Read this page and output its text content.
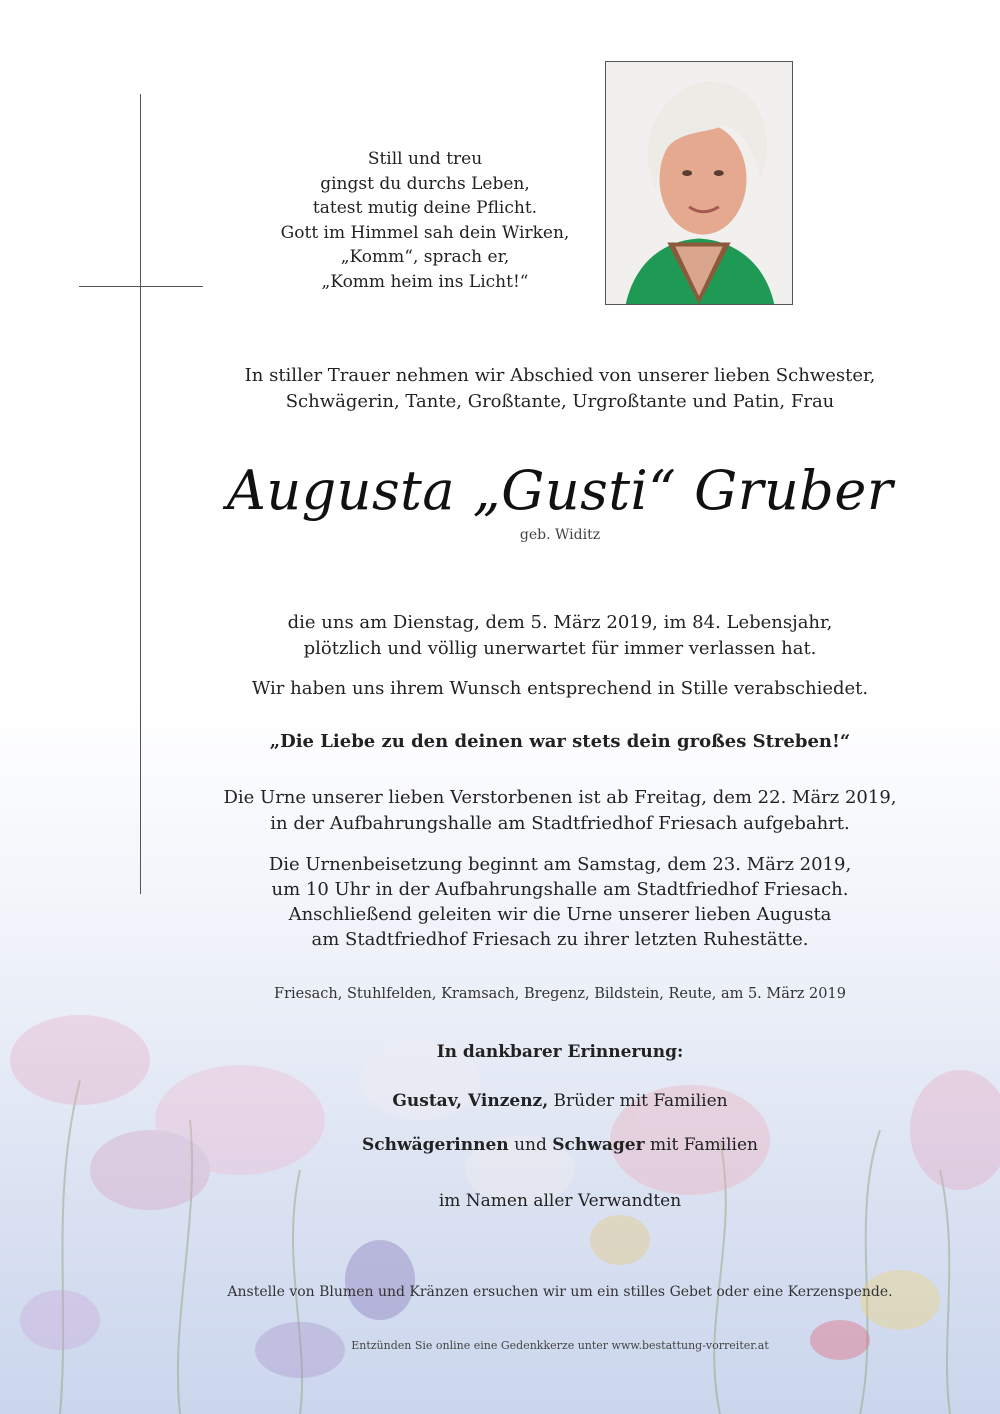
Still und treu
gingst du durchs Leben,
tatest mutig deine Pflicht.
Gott im Himmel sah dein Wirken,
„Komm“, sprach er,
„Komm heim ins Licht!“
In stiller Trauer nehmen wir Abschied von unserer lieben Schwester,
Schwägerin, Tante, Großtante, Urgroßtante und Patin, Frau
Augusta „Gusti“ Gruber
geb. Widitz
die uns am Dienstag, dem 5. März 2019, im 84. Lebensjahr,
plötzlich und völlig unerwartet für immer verlassen hat.
Wir haben uns ihrem Wunsch entsprechend in Stille verabschiedet.
„Die Liebe zu den deinen war stets dein großes Streben!“
Die Urne unserer lieben Verstorbenen ist ab Freitag, dem 22. März 2019,
in der Aufbahrungshalle am Stadtfriedhof Friesach aufgebahrt.
Die Urnenbeisetzung beginnt am Samstag, dem 23. März 2019,
um 10 Uhr in der Aufbahrungshalle am Stadtfriedhof Friesach.
Anschließend geleiten wir die Urne unserer lieben Augusta
am Stadtfriedhof Friesach zu ihrer letzten Ruhestätte.
Friesach, Stuhlfelden, Kramsach, Bregenz, Bildstein, Reute, am 5. März 2019
In dankbarer Erinnerung:
Gustav, Vinzenz, Brüder mit Familien
Schwägerinnen und Schwager mit Familien
im Namen aller Verwandten
Anstelle von Blumen und Kränzen ersuchen wir um ein stilles Gebet oder eine Kerzenspende.
Entzünden Sie online eine Gedenkkerze unter www.bestattung-vorreiter.at
